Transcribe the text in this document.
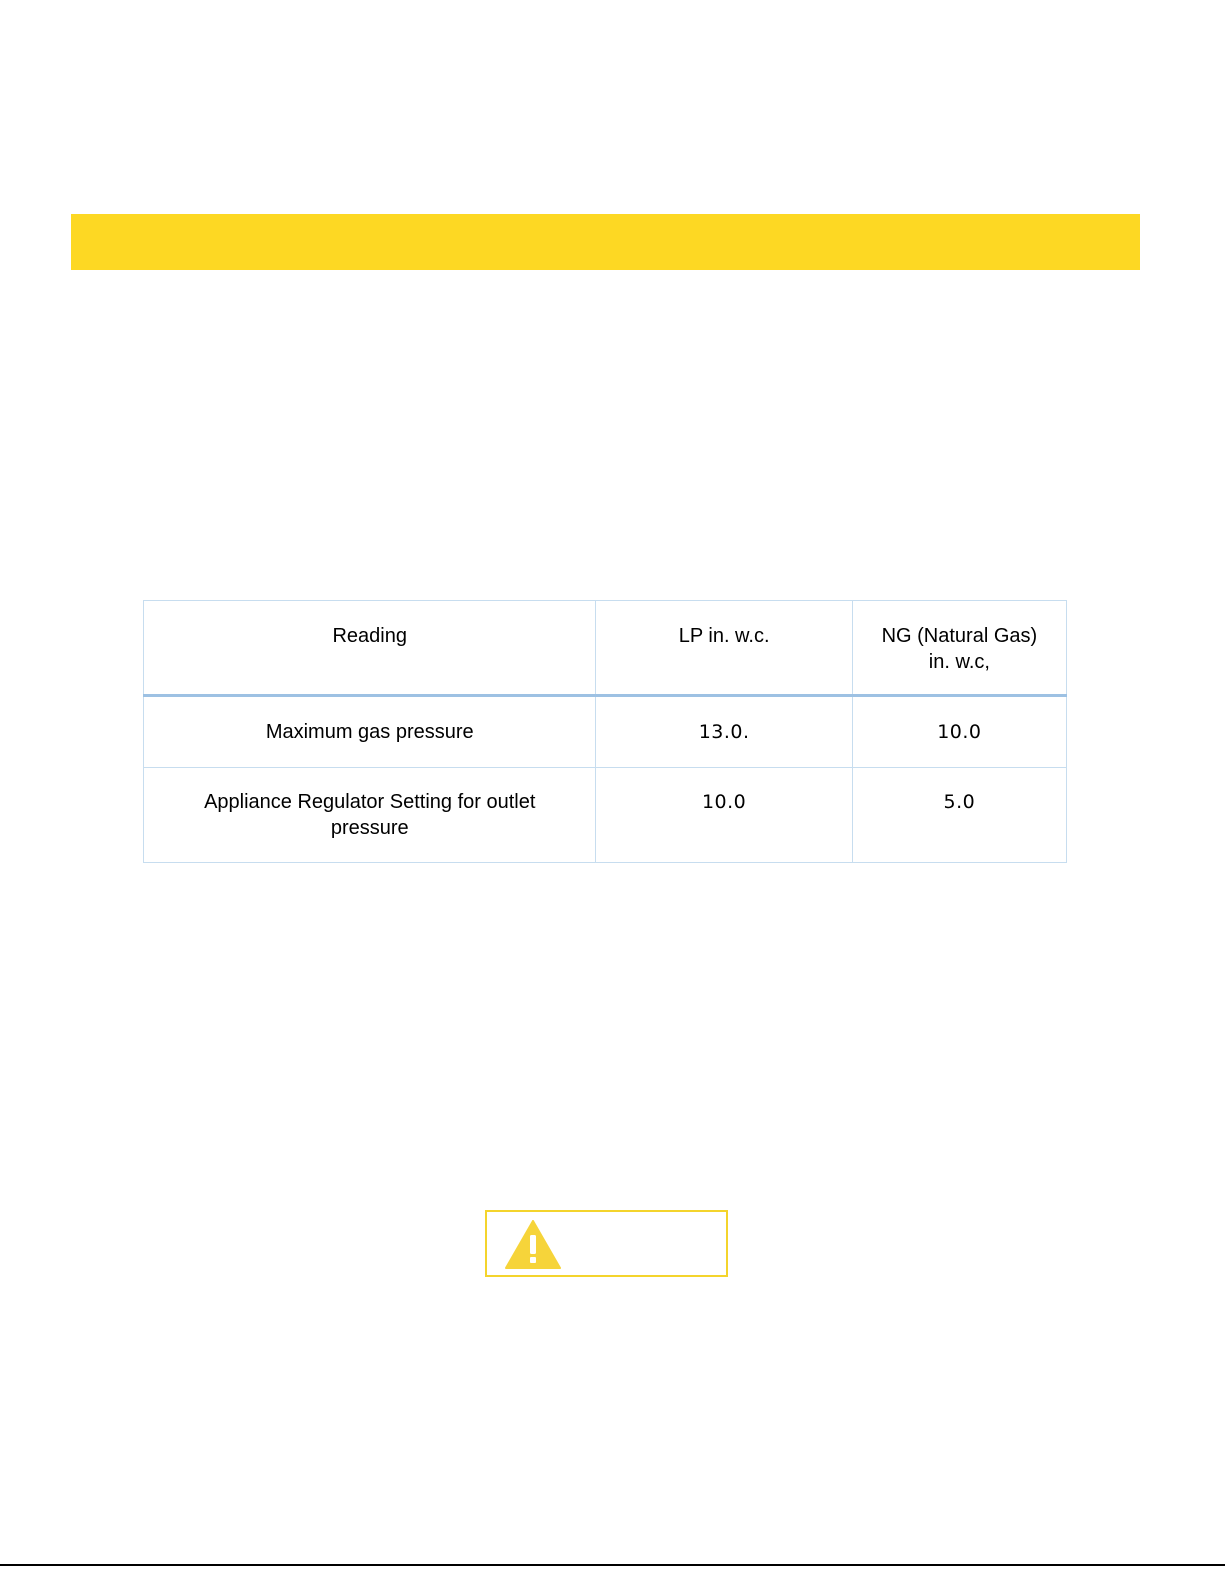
Reading	LP in. w.c.	NG (Natural Gas) in. w.c,
Maximum gas pressure	13.0.	10.0
Appliance Regulator Setting for outlet pressure	10.0	5.0
